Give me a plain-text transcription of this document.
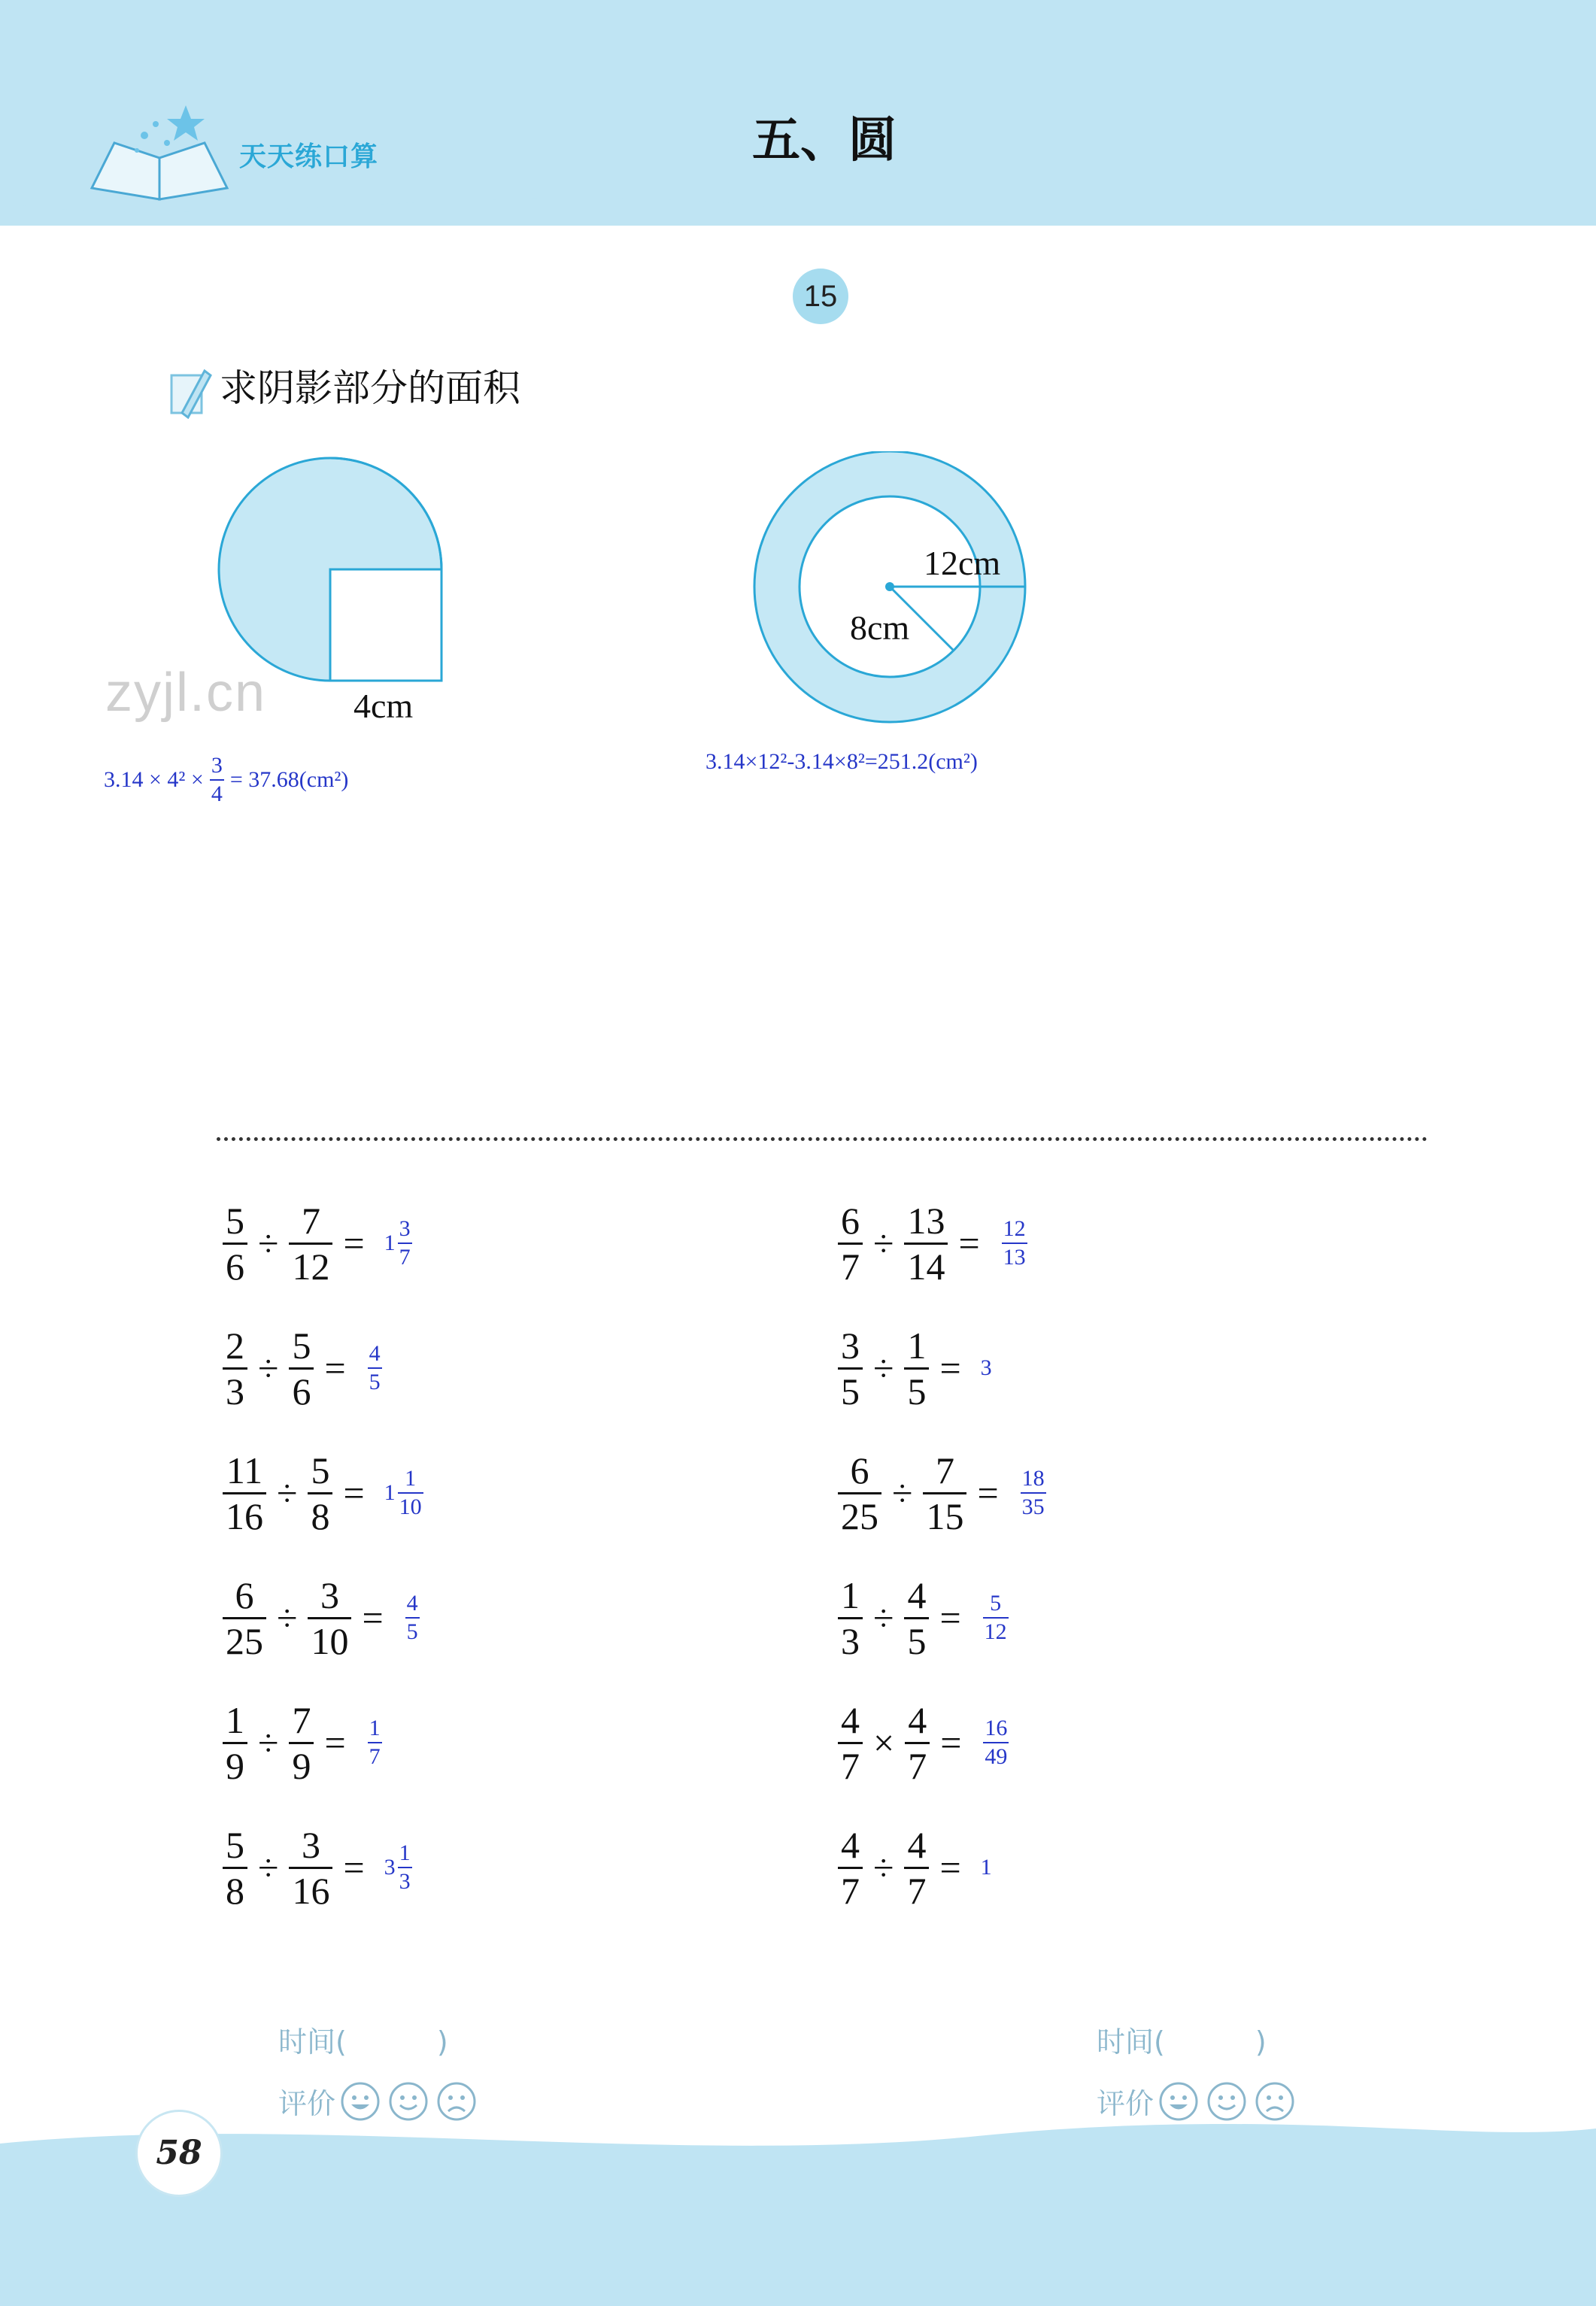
天天练口算	五、圆
15
求阴影部分的面积
4cm
zyjl.cn
$3.14 \times 4^2 \times \frac{3}{4} = 37.68(cm^2)$
12cm
8cm
3.14×12²-3.14×8²=251.2(cm²)
$\frac{5}{6} \div \frac{7}{12} = 1 \frac{3}{7}$
$\frac{2}{3} \div \frac{5}{6} = \frac{4}{5}$
$\frac{11}{16} \div \frac{5}{8} = 1 \frac{1}{10}$
$\frac{6}{25} \div \frac{3}{10} = \frac{4}{5}$
$\frac{1}{9} \div \frac{7}{9} = \frac{1}{7}$
$\frac{5}{8} \div \frac{3}{16} = 3 \frac{1}{3}$
$\frac{6}{7} \div \frac{13}{14} = \frac{12}{13}$
$\frac{3}{5} \div \frac{1}{5} = 3$
$\frac{6}{25} \div \frac{7}{15} = \frac{18}{35}$
$\frac{1}{3} \div \frac{4}{5} = \frac{5}{12}$
$\frac{4}{7} \times \frac{4}{7} = \frac{16}{49}$
$\frac{4}{7} \div \frac{4}{7} = 1$
时间(	)
评价
时间(	)
评价
58
